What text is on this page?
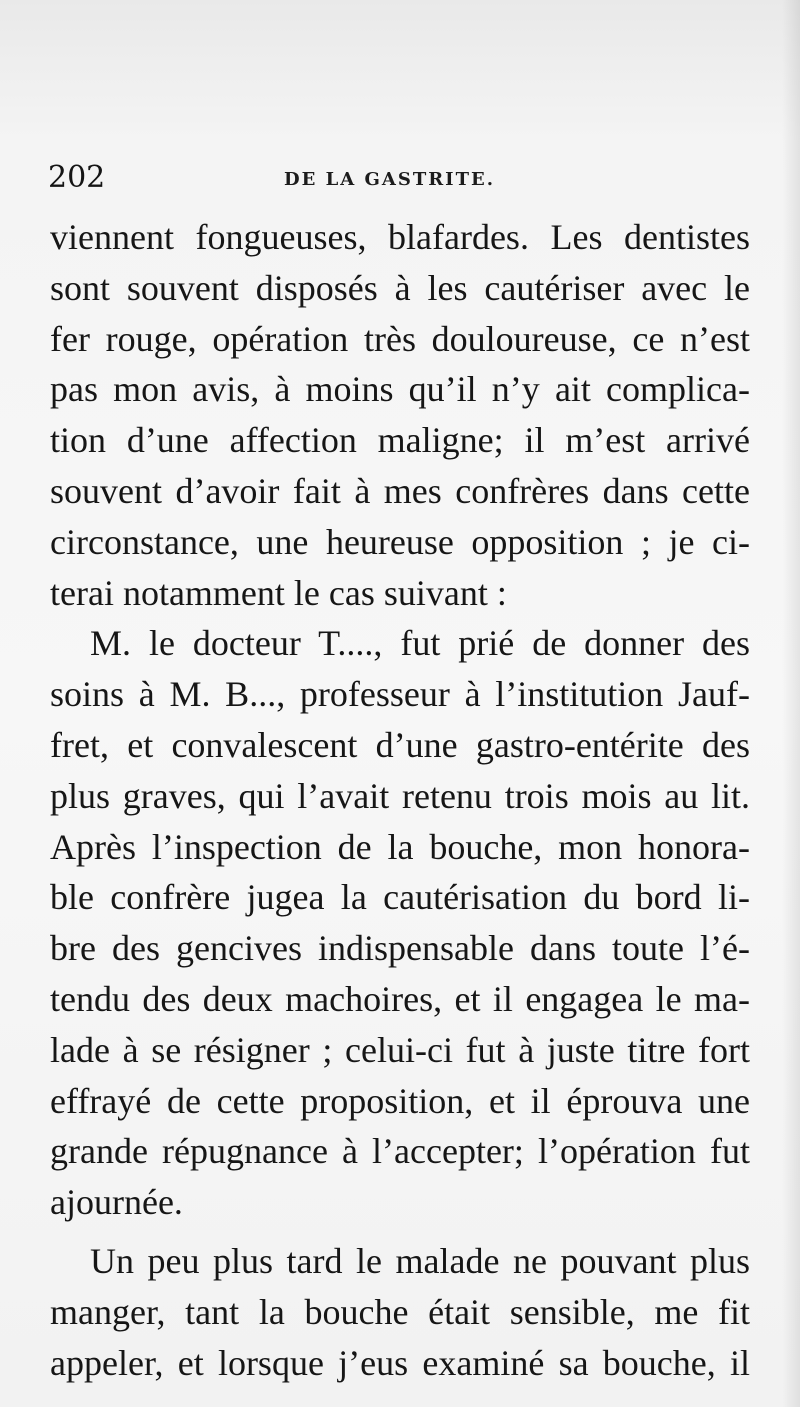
202	DE LA GASTRITE.
viennent fongueuses, blafardes. Les dentistes
sont souvent disposés à les cautériser avec le
fer rouge, opération très douloureuse, ce n’est
pas mon avis, à moins qu’il n’y ait complica-
tion d’une affection maligne; il m’est arrivé
souvent d’avoir fait à mes confrères dans cette
circonstance, une heureuse opposition ; je ci-
terai notamment le cas suivant :
M. le docteur T...., fut prié de donner des
soins à M. B..., professeur à l’institution Jauf-
fret, et convalescent d’une gastro-entérite des
plus graves, qui l’avait retenu trois mois au lit.
Après l’inspection de la bouche, mon honora-
ble confrère jugea la cautérisation du bord li-
bre des gencives indispensable dans toute l’é-
tendu des deux machoires, et il engagea le ma-
lade à se résigner ; celui-ci fut à juste titre fort
effrayé de cette proposition, et il éprouva une
grande répugnance à l’accepter; l’opération fut
ajournée.
Un peu plus tard le malade ne pouvant plus
manger, tant la bouche était sensible, me fit
appeler, et lorsque j’eus examiné sa bouche, il
